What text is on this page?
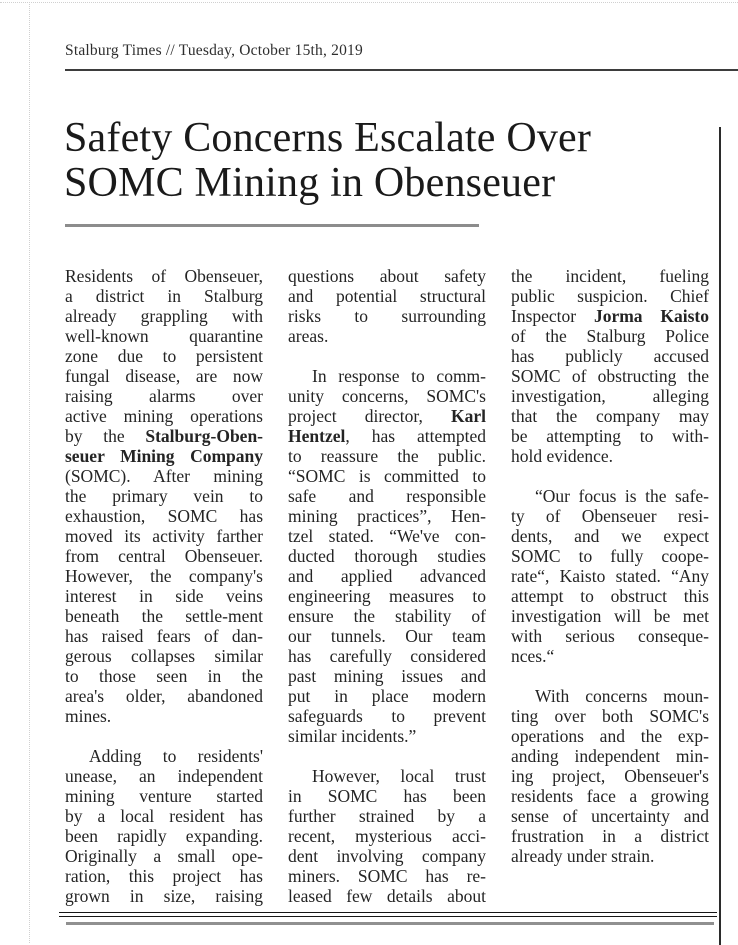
Stalburg Times // Tuesday, October 15th, 2019
Safety Concerns Escalate Over
SOMC Mining in Obenseuer
Residents of Obenseuer,
a district in Stalburg
already grappling with
well-known quarantine
zone due to persistent
fungal disease, are now
raising alarms over
active mining operations
by the Stalburg-Oben-
seuer Mining Company
(SOMC). After mining
the primary vein to
exhaustion, SOMC has
moved its activity farther
from central Obenseuer.
However, the company's
interest in side veins
beneath the settle-ment
has raised fears of dan-
gerous collapses similar
to those seen in the
area's older, abandoned
mines.
Adding to residents'
unease, an independent
mining venture started
by a local resident has
been rapidly expanding.
Originally a small ope-
ration, this project has
grown in size, raising
questions about safety
and potential structural
risks to surrounding
areas.
In response to comm-
unity concerns, SOMC's
project director, Karl
Hentzel, has attempted
to reassure the public.
“SOMC is committed to
safe and responsible
mining practices”, Hen-
tzel stated. “We've con-
ducted thorough studies
and applied advanced
engineering measures to
ensure the stability of
our tunnels. Our team
has carefully considered
past mining issues and
put in place modern
safeguards to prevent
similar incidents.”
However, local trust
in SOMC has been
further strained by a
recent, mysterious acci-
dent involving company
miners. SOMC has re-
leased few details about
the incident, fueling
public suspicion. Chief
Inspector Jorma Kaisto
of the Stalburg Police
has publicly accused
SOMC of obstructing the
investigation, alleging
that the company may
be attempting to with-
hold evidence.
“Our focus is the safe-
ty of Obenseuer resi-
dents, and we expect
SOMC to fully coope-
rate“, Kaisto stated. “Any
attempt to obstruct this
investigation will be met
with serious conseque-
nces.“
With concerns moun-
ting over both SOMC's
operations and the exp-
anding independent min-
ing project, Obenseuer's
residents face a growing
sense of uncertainty and
frustration in a district
already under strain.
